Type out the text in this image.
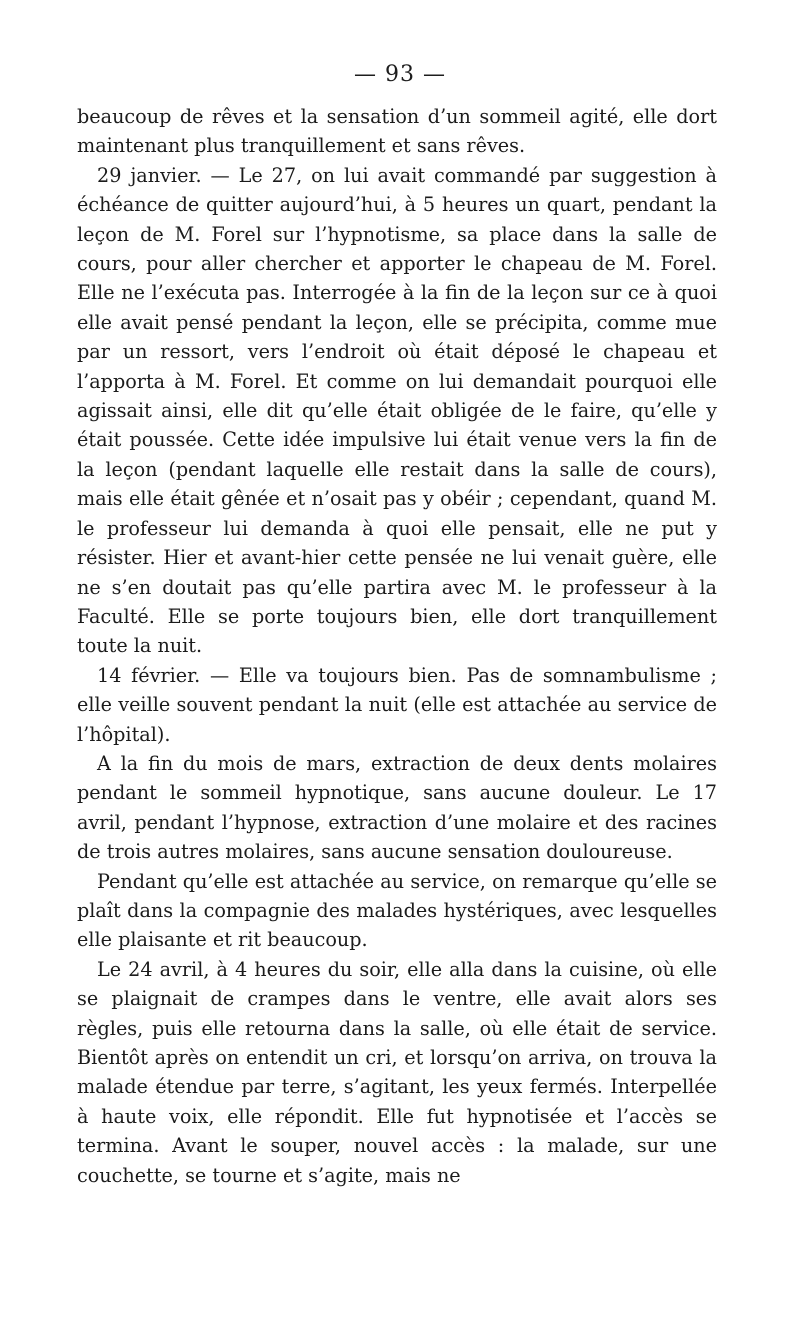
— 93 —

beaucoup de rêves et la sensation d’un sommeil agité, elle dort maintenant plus tranquillement et sans rêves.

29 janvier. — Le 27, on lui avait commandé par suggestion à échéance de quitter aujourd’hui, à 5 heures un quart, pendant la leçon de M. Forel sur l’hypnotisme, sa place dans la salle de cours, pour aller chercher et apporter le chapeau de M. Forel. Elle ne l’exécuta pas. Interrogée à la fin de la leçon sur ce à quoi elle avait pensé pendant la leçon, elle se précipita, comme mue par un ressort, vers l’endroit où était déposé le chapeau et l’apporta à M. Forel. Et comme on lui demandait pourquoi elle agissait ainsi, elle dit qu’elle était obligée de le faire, qu’elle y était poussée. Cette idée impulsive lui était venue vers la fin de la leçon (pendant laquelle elle restait dans la salle de cours), mais elle était gênée et n’osait pas y obéir ; cependant, quand M. le professeur lui demanda à quoi elle pensait, elle ne put y résister. Hier et avant-hier cette pensée ne lui venait guère, elle ne s’en doutait pas qu’elle partira avec M. le professeur à la Faculté. Elle se porte toujours bien, elle dort tranquillement toute la nuit.

14 février. — Elle va toujours bien. Pas de somnambulisme ; elle veille souvent pendant la nuit (elle est attachée au service de l’hôpital).

A la fin du mois de mars, extraction de deux dents molaires pendant le sommeil hypnotique, sans aucune douleur. Le 17 avril, pendant l’hypnose, extraction d’une molaire et des racines de trois autres molaires, sans aucune sensation douloureuse.

Pendant qu’elle est attachée au service, on remarque qu’elle se plaît dans la compagnie des malades hystériques, avec lesquelles elle plaisante et rit beaucoup.

Le 24 avril, à 4 heures du soir, elle alla dans la cuisine, où elle se plaignait de crampes dans le ventre, elle avait alors ses règles, puis elle retourna dans la salle, où elle était de service. Bientôt après on entendit un cri, et lorsqu’on arriva, on trouva la malade étendue par terre, s’agitant, les yeux fermés. Interpellée à haute voix, elle répondit. Elle fut hypnotisée et l’accès se termina. Avant le souper, nouvel accès : la malade, sur une couchette, se tourne et s’agite, mais ne
